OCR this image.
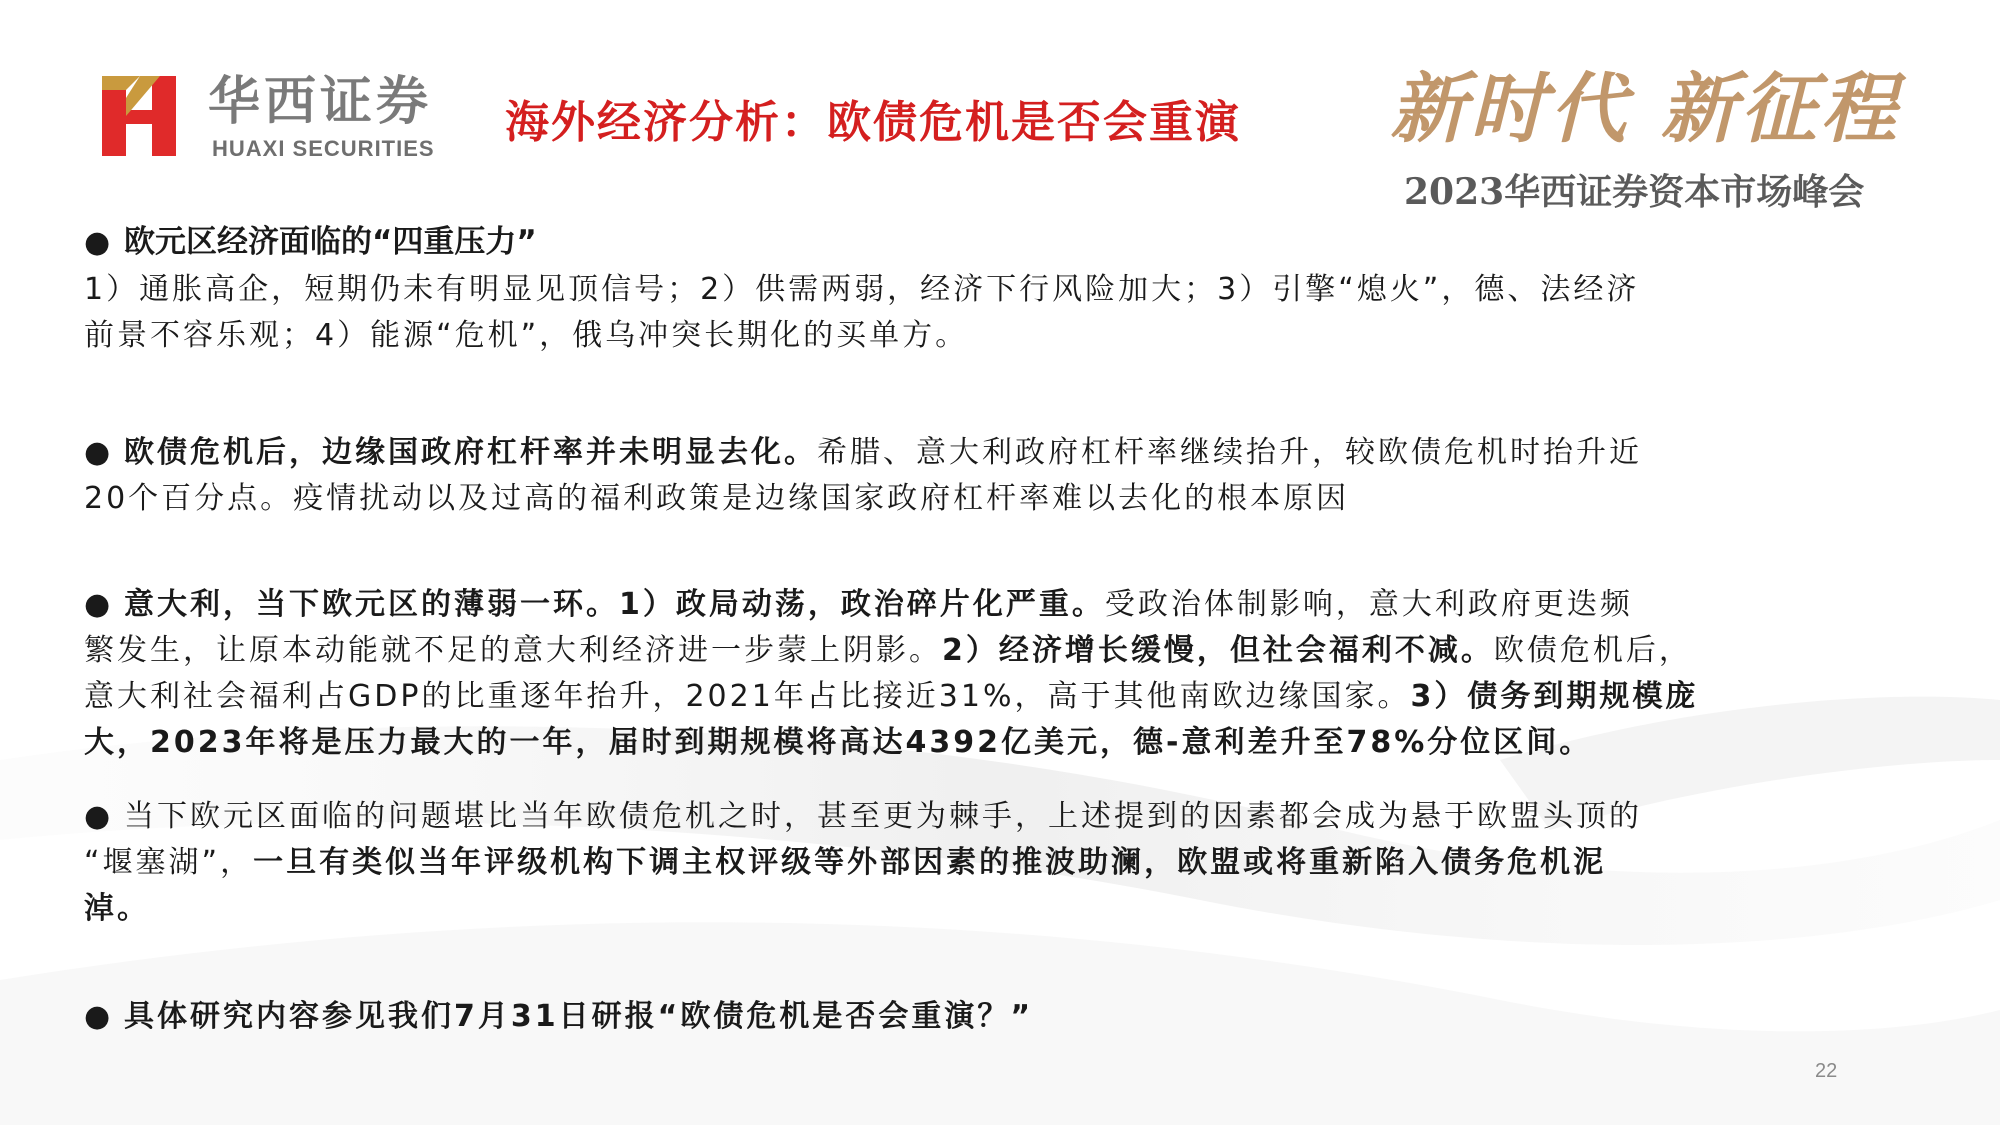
华西证券
HUAXI SECURITIES
海外经济分析：欧债危机是否会重演 新时代 新征程
2023华西证券资本市场峰会
● 欧元区经济面临的“四重压力”

1）通胀高企，短期仍未有明显见顶信号；2）供需两弱，经济下行风险加大；3）引擎“熄火”，德、法经济
前景不容乐观；4）能源“危机”，俄乌冲突长期化的买单方。

● 欧债危机后，边缘国政府杠杆率并未明显去化。希腊、意大利政府杠杆率继续抬升，较欧债危机时抬升近
20个百分点。疫情扰动以及过高的福利政策是边缘国家政府杠杆率难以去化的根本原因

● 意大利，当下欧元区的薄弱一环。1）政局动荡，政治碎片化严重。受政治体制影响，意大利政府更迭频
繁发生，让原本动能就不足的意大利经济进一步蒙上阴影。2）经济增长缓慢，但社会福利不减。欧债危机后，
意大利社会福利占GDP的比重逐年抬升，2021年占比接近31%，高于其他南欧边缘国家。3）债务到期规模庞
大，2023年将是压力最大的一年，届时到期规模将高达4392亿美元，德-意利差升至78%分位区间。

● 当下欧元区面临的问题堪比当年欧债危机之时，甚至更为棘手，上述提到的因素都会成为悬于欧盟头顶的
“堰塞湖”，一旦有类似当年评级机构下调主权评级等外部因素的推波助澜，欧盟或将重新陷入债务危机泥
淖。

● 具体研究内容参见我们7月31日研报“欧债危机是否会重演？”

22
